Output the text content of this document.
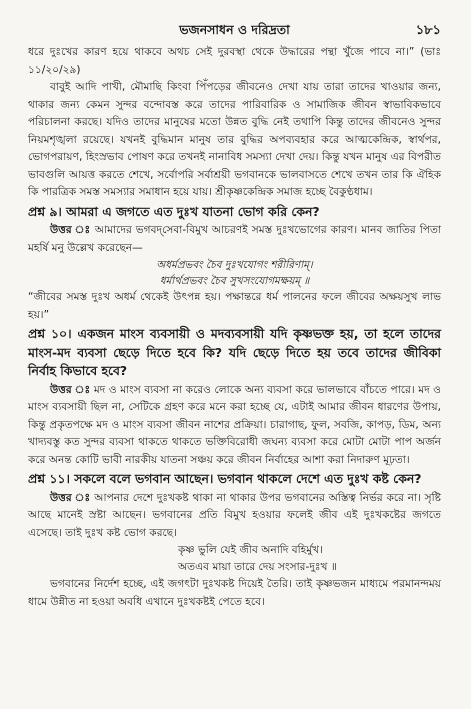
ভজনসাধন ও দরিদ্রতা	১৮১

ধরে দুঃখের কারণ হয়ে থাকবে অথচ সেই দুরবস্থা থেকে উদ্ধারের পন্থা খুঁজে পাবে না।” (ভাঃ ১১/২০/২৯)

বাবুই আদি পাখী, মৌমাছি কিংবা পিঁপড়ের জীবনেও দেখা যায় তারা তাদের খাওয়ার জন্য, থাকার জন্য কেমন সুন্দর বন্দোবস্ত করে তাদের পারিবারিক ও সামাজিক জীবন স্বাভাবিকভাবে পরিচালনা করছে। যদিও তাদের মানুষের মতো উন্নত বুদ্ধি নেই তথাপি কিন্তু তাদের জীবনেও সুন্দর নিয়মশৃঙ্খলা রয়েছে। যখনই বুদ্ধিমান মানুষ তার বুদ্ধির অপব্যবহার করে আত্মকেন্দ্রিক, স্বার্থপর, ভোগপরায়ণ, হিংস্রভাব পোষণ করে তখনই নানাবিধ সমস্যা দেখা দেয়। কিন্তু যখন মানুষ এর বিপরীত ভাবগুলি আয়ত্ত করতে শেখে, সর্বোপরি সর্বাশ্রয়ী ভগবানকে ভালবাসতে শেখে তখন তার কি ঐহিক কি পারত্রিক সমস্ত সমস্যার সমাধান হয়ে যায়। শ্রীকৃষ্ণকেন্দ্রিক সমাজ হচ্ছে বৈকুণ্ঠধাম।

প্রশ্ন ৯। আমরা এ জগতে এত দুঃখ যাতনা ভোগ করি কেন?

উত্তর ঃ আমাদের ভগবদ্‌সেবা-বিমুখ আচরণই সমস্ত দুঃখভোগের কারণ। মানব জাতির পিতা মহর্ষি মনু উল্লেখ করেছেন—

অধর্মপ্রভবং চৈব দুঃখযোগং শরীরিণাম্‌।
ধর্মার্থপ্রভবং চৈব সুখসংযোগমক্ষয়ম্‌ ॥

“জীবের সমস্ত দুঃখ অধর্ম থেকেই উৎপন্ন হয়। পক্ষান্তরে ধর্ম পালনের ফলে জীবের অক্ষয়সুখ লাভ হয়।”

প্রশ্ন ১০। একজন মাংস ব্যবসায়ী ও মদব্যবসায়ী যদি কৃষ্ণভক্ত হয়, তা হলে তাদের মাংস-মদ ব্যবসা ছেড়ে দিতে হবে কি? যদি ছেড়ে দিতে হয় তবে তাদের জীবিকা নির্বাহ কিভাবে হবে?

উত্তর ঃ মদ ও মাংস ব্যবসা না করেও লোকে অন্য ব্যবসা করে ভালভাবে বাঁচতে পারে। মদ ও মাংস ব্যবসায়ী ছিল না, সেটিকে গ্রহণ করে মনে করা হচ্ছে যে, এটাই আমার জীবন ধারণের উপায়, কিন্তু প্রকৃতপক্ষে মদ ও মাংস ব্যবসা জীবন নাশের প্রক্রিয়া। চারাগাছ, ফুল, সবজি, কাপড়, ডিম, অন্য খাদ্যবস্তু কত সুন্দর ব্যবসা থাকতে থাকতে ভক্তিবিরোধী জঘন্য ব্যবসা করে মোটা মোটা পাপ অর্জন করে অনন্ত কোটি ভাবী নারকীয় যাতনা সঞ্চয় করে জীবন নির্বাহের আশা করা নিদারুণ মূঢ়তা।

প্রশ্ন ১১। সকলে বলে ভগবান আছেন। ভগবান থাকলে দেশে এত দুঃখ কষ্ট কেন?

উত্তর ঃ আপনার দেশে দুঃখকষ্ট থাকা না থাকার উপর ভগবানের অস্তিত্ব নির্ভর করে না। সৃষ্টি আছে মানেই স্রষ্টা আছেন। ভগবানের প্রতি বিমুখ হওয়ার ফলেই জীব এই দুঃখকষ্টের জগতে এসেছে। তাই দুঃখ কষ্ট ভোগ করছে।

কৃষ্ণ ভুলি যেই জীব অনাদি বহির্মুখ।
অতএব মায়া তারে দেয় সংসার-দুঃখ ॥

ভগবানের নির্দেশ হচ্ছে, এই জগৎটা দুঃখকষ্ট দিয়েই তৈরি। তাই কৃষ্ণভজন মাধ্যমে পরমানন্দময় ধামে উন্নীত না হওয়া অবধি এখানে দুঃখকষ্টই পেতে হবে।
